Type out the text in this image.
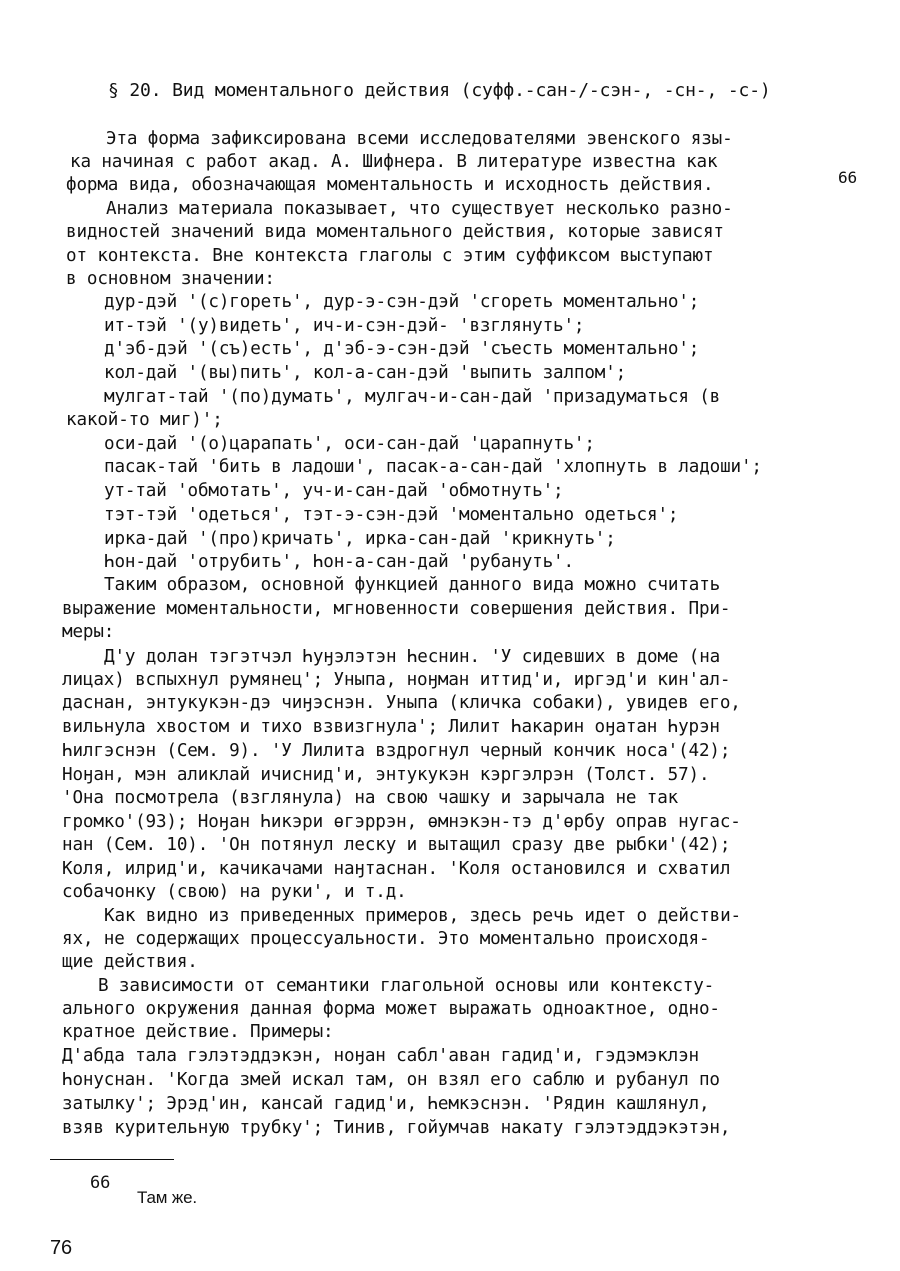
§ 20. Вид моментального действия (суфф.-сан-/-сэн-, -сн-, -с-)
Эта форма зафиксирована всеми исследователями эвенского язы-
ка начиная с работ акад. А. Шифнера. В литературе известна как
форма вида, обозначающая моментальность и исходность действия.
Анализ материала показывает, что существует несколько разно-
видностей значений вида моментального действия, которые зависят
от контекста. Вне контекста глаголы с этим суффиксом выступают
в основном значении:
дур-дэй '(с)гореть', дур-э-сэн-дэй 'сгореть моментально';
ит-тэй '(у)видеть', ич-и-сэн-дэй- 'взглянуть';
д'эб-дэй '(съ)есть', д'эб-э-сэн-дэй 'съесть моментально';
кол-дай '(вы)пить', кол-а-сан-дэй 'выпить залпом';
мулгат-тай '(по)думать', мулгач-и-сан-дай 'призадуматься (в
какой-то миг)';
оси-дай '(о)царапать', оси-сан-дай 'царапнуть';
пасак-тай 'бить в ладоши', пасак-а-сан-дай 'хлопнуть в ладоши';
ут-тай 'обмотать', уч-и-сан-дай 'обмотнуть';
тэт-тэй 'одеться', тэт-э-сэн-дэй 'моментально одеться';
ирка-дай '(про)кричать', ирка-сан-дай 'крикнуть';
Һон-дай 'отрубить', Һон-а-сан-дай 'рубануть'.
Таким образом, основной функцией данного вида можно считать
выражение моментальности, мгновенности совершения действия. При-
меры:
Д'у долан тэгэтчэл Һуӈэлэтэн Һеснин. 'У сидевших в доме (на
лицах) вспыхнул румянец'; Уныпа, ноӈман иттид'и, иргэд'и кин'ал-
даснан, энтукукэн-дэ чиӈэснэн. Уныпа (кличка собаки), увидев его,
вильнула хвостом и тихо взвизгнула'; Лилит Һакарин оӈатан Һурэн
Һилгэснэн (Сем. 9). 'У Лилита вздрогнул черный кончик носа'(42);
Ноӈан, мэн аликлай ичиснид'и, энтукукэн кэргэлрэн (Толст. 57).
'Она посмотрела (взглянула) на свою чашку и зарычала не так
громко'(93); Ноӈан Һикэри өгэррэн, өмнэкэн-тэ д'өрбу оправ нугас-
нан (Сем. 10). 'Он потянул леску и вытащил сразу две рыбки'(42);
Коля, илрид'и, качикачами наӈтаснан. 'Коля остановился и схватил
собачонку (свою) на руки', и т.д.
Как видно из приведенных примеров, здесь речь идет о действи-
ях, не содержащих процессуальности. Это моментально происходя-
щие действия.
В зависимости от семантики глагольной основы или контексту-
ального окружения данная форма может выражать одноактное, одно-
кратное действие. Примеры:
Д'абда тала гэлэтэддэкэн, ноӈан сабл'аван гадид'и, гэдэмэклэн
Һонуснан. 'Когда змей искал там, он взял его саблю и рубанул по
затылку'; Эрэд'ин, кансай гадид'и, Һемкэснэн. 'Рядин кашлянул,
взяв курительную трубку'; Тинив, гойумчав накату гэлэтэддэкэтэн,
66
66
Там же.
76
